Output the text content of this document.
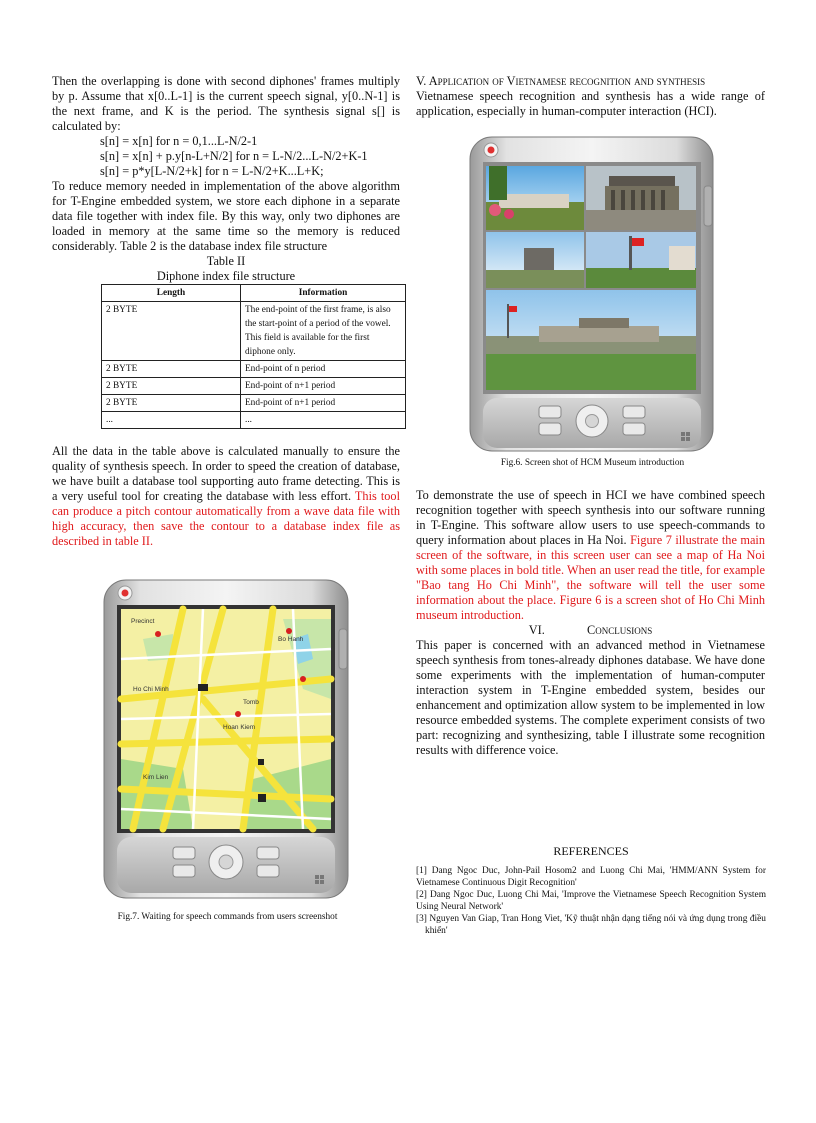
Then the overlapping is done with second diphones' frames multiply by p. Assume that x[0..L-1] is the current speech signal, y[0..N-1] is the next frame, and K is the period. The synthesis signal s[] is calculated by:

s[n] = x[n] for n = 0,1...L-N/2-1
s[n] = x[n] + p.y[n-L+N/2] for n = L-N/2...L-N/2+K-1
s[n] = p*y[L-N/2+k] for n = L-N/2+K...L+K;

To reduce memory needed in implementation of the above algorithm for T-Engine embedded system, we store each diphone in a separate data file together with index file. By this way, only two diphones are loaded in memory at the same time so the memory is reduced considerably. Table 2 is the database index file structure

Table II
Diphone index file structure
Length	Information
2 BYTE	The end-point of the first frame, is also the start-point of a period of the vowel. This field is available for the first diphone only.
2 BYTE	End-point of n period
2 BYTE	End-point of n+1 period
2 BYTE	End-point of n+1 period
...	...

All the data in the table above is calculated manually to ensure the quality of synthesis speech. In order to speed the creation of database, we have built a database tool supporting auto frame detecting. This is a very useful tool for creating the database with less effort. This tool can produce a pitch contour automatically from a wave data file with high accuracy, then save the contour to a database index file as described in table II.

Precinct
Bo Hanh
Ho Chi Minh
Hoan Kiem
Tomb
Kim Lien
Fig.7. Waiting for speech commands from users screenshot
V. Application of Vietnamese recognition and synthesis

Vietnamese speech recognition and synthesis has a wide range of application, especially in human-computer interaction (HCI).

Fig.6. Screen shot of HCM Museum introduction

To demonstrate the use of speech in HCI we have combined speech recognition together with speech synthesis into our software running in T-Engine. This software allow users to use speech-commands to query information about places in Ha Noi. Figure 7 illustrate the main screen of the software, in this screen user can see a map of Ha Noi with some places in bold title. When an user read the title, for example "Bao tang Ho Chi Minh", the software will tell the user some information about the place. Figure 6 is a screen shot of Ho Chi Minh museum introduction.

VI.	Conclusions

This paper is concerned with an advanced method in Vietnamese speech synthesis from tones-already diphones database. We have done some experiments with the implementation of human-computer interaction system in T-Engine embedded system, besides our enhancement and optimization allow system to be implemented in low resource embedded systems. The complete experiment consists of two part: recognizing and synthesizing, table I illustrate some recognition results with difference voice.

REFERENCES

[1] Dang Ngoc Duc, John-Pail Hosom2 and Luong Chi Mai, 'HMM/ANN System for Vietnamese Continuous Digit Recognition'

[2] Dang Ngoc Duc, Luong Chi Mai, 'Improve the Vietnamese Speech Recognition System Using Neural Network'

[3] Nguyen Van Giap, Tran Hong Viet, 'Kỹ thuật nhận dạng tiếng nói và ứng dụng trong điều khiển'
